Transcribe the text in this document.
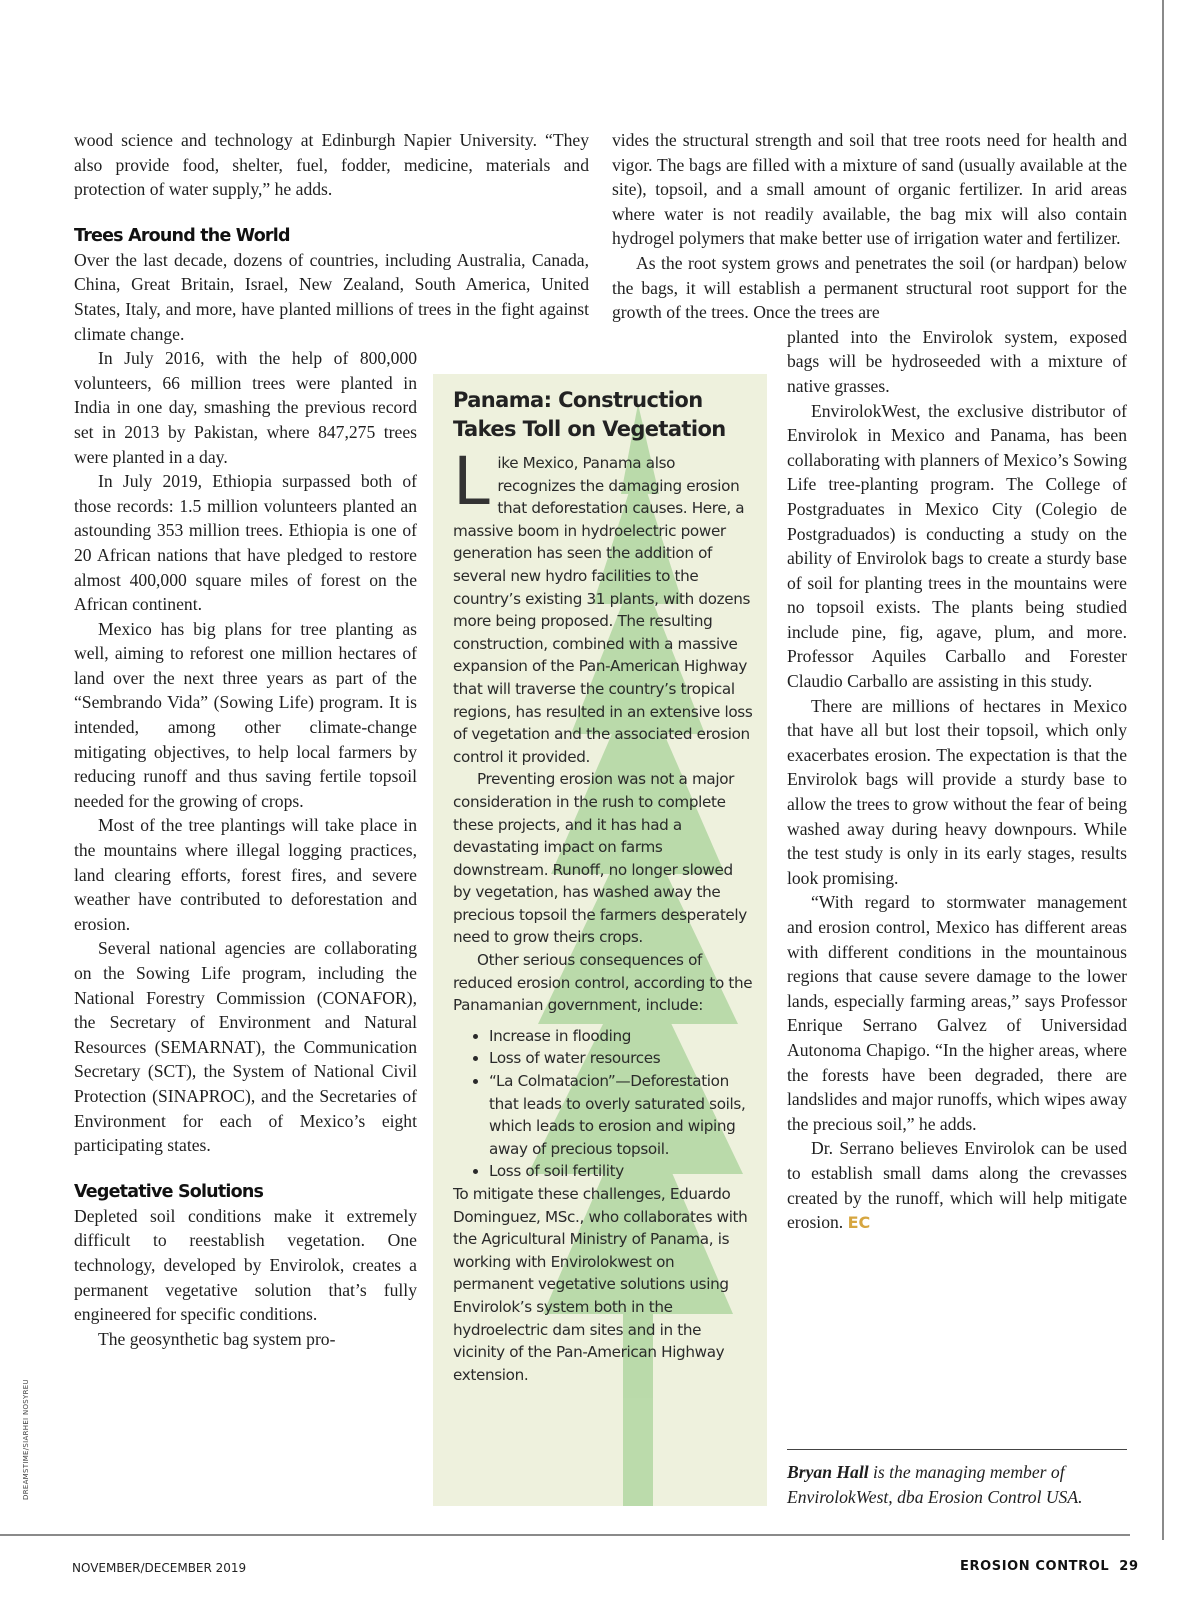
wood science and technology at Edinburgh Napier University. “They also provide food, shelter, fuel, fodder, medicine, materials and protection of water supply,” he adds.

Trees Around the World

Over the last decade, dozens of countries, including Australia, Canada, China, Great Britain, Israel, New Zealand, South America, United States, Italy, and more, have planted millions of trees in the fight against climate change.

In July 2016, with the help of 800,000 volunteers, 66 million trees were planted in India in one day, smashing the previous record set in 2013 by Pakistan, where 847,275 trees were planted in a day.

In July 2019, Ethiopia surpassed both of those records: 1.5 million volunteers planted an astounding 353 million trees. Ethiopia is one of 20 African nations that have pledged to restore almost 400,000 square miles of forest on the African continent.

Mexico has big plans for tree planting as well, aiming to reforest one million hectares of land over the next three years as part of the “Sembrando Vida” (Sowing Life) program. It is intended, among other climate-change mitigating objectives, to help local farmers by reducing runoff and thus saving fertile topsoil needed for the growing of crops.

Most of the tree plantings will take place in the mountains where illegal logging practices, land clearing efforts, forest fires, and severe weather have contributed to deforestation and erosion.

Several national agencies are collaborating on the Sowing Life program, including the National Forestry Commission (CONAFOR), the Secretary of Environment and Natural Resources (SEMARNAT), the Communication Secretary (SCT), the System of National Civil Protection (SINAPROC), and the Secretaries of Environment for each of Mexico’s eight participating states.

Vegetative Solutions

Depleted soil conditions make it extremely difficult to reestablish vegetation. One technology, developed by Envirolok, creates a permanent vegetative solution that’s fully engineered for specific conditions.

The geosynthetic bag system pro-

vides the structural strength and soil that tree roots need for health and vigor. The bags are filled with a mixture of sand (usually available at the site), topsoil, and a small amount of organic fertilizer. In arid areas where water is not readily available, the bag mix will also contain hydrogel polymers that make better use of irrigation water and fertilizer.

As the root system grows and penetrates the soil (or hardpan) below the bags, it will establish a permanent structural root support for the growth of the trees. Once the trees are

planted into the Envirolok system, exposed bags will be hydroseeded with a mixture of native grasses.

EnvirolokWest, the exclusive distributor of Envirolok in Mexico and Panama, has been collaborating with planners of Mexico’s Sowing Life tree-planting program. The College of Postgraduates in Mexico City (Colegio de Postgraduados) is conducting a study on the ability of Envirolok bags to create a sturdy base of soil for planting trees in the mountains were no topsoil exists. The plants being studied include pine, fig, agave, plum, and more. Professor Aquiles Carballo and Forester Claudio Carballo are assisting in this study.

There are millions of hectares in Mexico that have all but lost their topsoil, which only exacerbates erosion. The expectation is that the Envirolok bags will provide a sturdy base to allow the trees to grow without the fear of being washed away during heavy downpours. While the test study is only in its early stages, results look promising.

“With regard to stormwater management and erosion control, Mexico has different areas with different conditions in the mountainous regions that cause severe damage to the lower lands, especially farming areas,” says Professor Enrique Serrano Galvez of Universidad Autonoma Chapigo. “In the higher areas, where the forests have been degraded, there are landslides and major runoffs, which wipes away the precious soil,” he adds.

Dr. Serrano believes Envirolok can be used to establish small dams along the crevasses created by the runoff, which will help mitigate erosion. EC

Panama: Construction Takes Toll on Vegetation

Like Mexico, Panama also recognizes the damaging erosion that deforestation causes. Here, a massive boom in hydroelectric power generation has seen the addition of several new hydro facilities to the country’s existing 31 plants, with dozens more being proposed. The resulting construction, combined with a massive expansion of the Pan-American Highway that will traverse the country’s tropical regions, has resulted in an extensive loss of vegetation and the associated erosion control it provided.

Preventing erosion was not a major consideration in the rush to complete these projects, and it has had a devastating impact on farms downstream. Runoff, no longer slowed by vegetation, has washed away the precious topsoil the farmers desperately need to grow theirs crops.

Other serious consequences of reduced erosion control, according to the Panamanian government, include:

• Increase in flooding
• Loss of water resources
• “La Colmatacion”—Deforestation that leads to overly saturated soils, which leads to erosion and wiping away of precious topsoil.
• Loss of soil fertility

To mitigate these challenges, Eduardo Dominguez, MSc., who collaborates with the Agricultural Ministry of Panama, is working with Envirolokwest on permanent vegetative solutions using Envirolok’s system both in the hydroelectric dam sites and in the vicinity of the Pan-American Highway extension.

Bryan Hall is the managing member of EnvirolokWest, dba Erosion Control USA.
DREAMSTIME/SIARHEI NOSYREU
NOVEMBER/DECEMBER 2019	EROSION CONTROL 29
